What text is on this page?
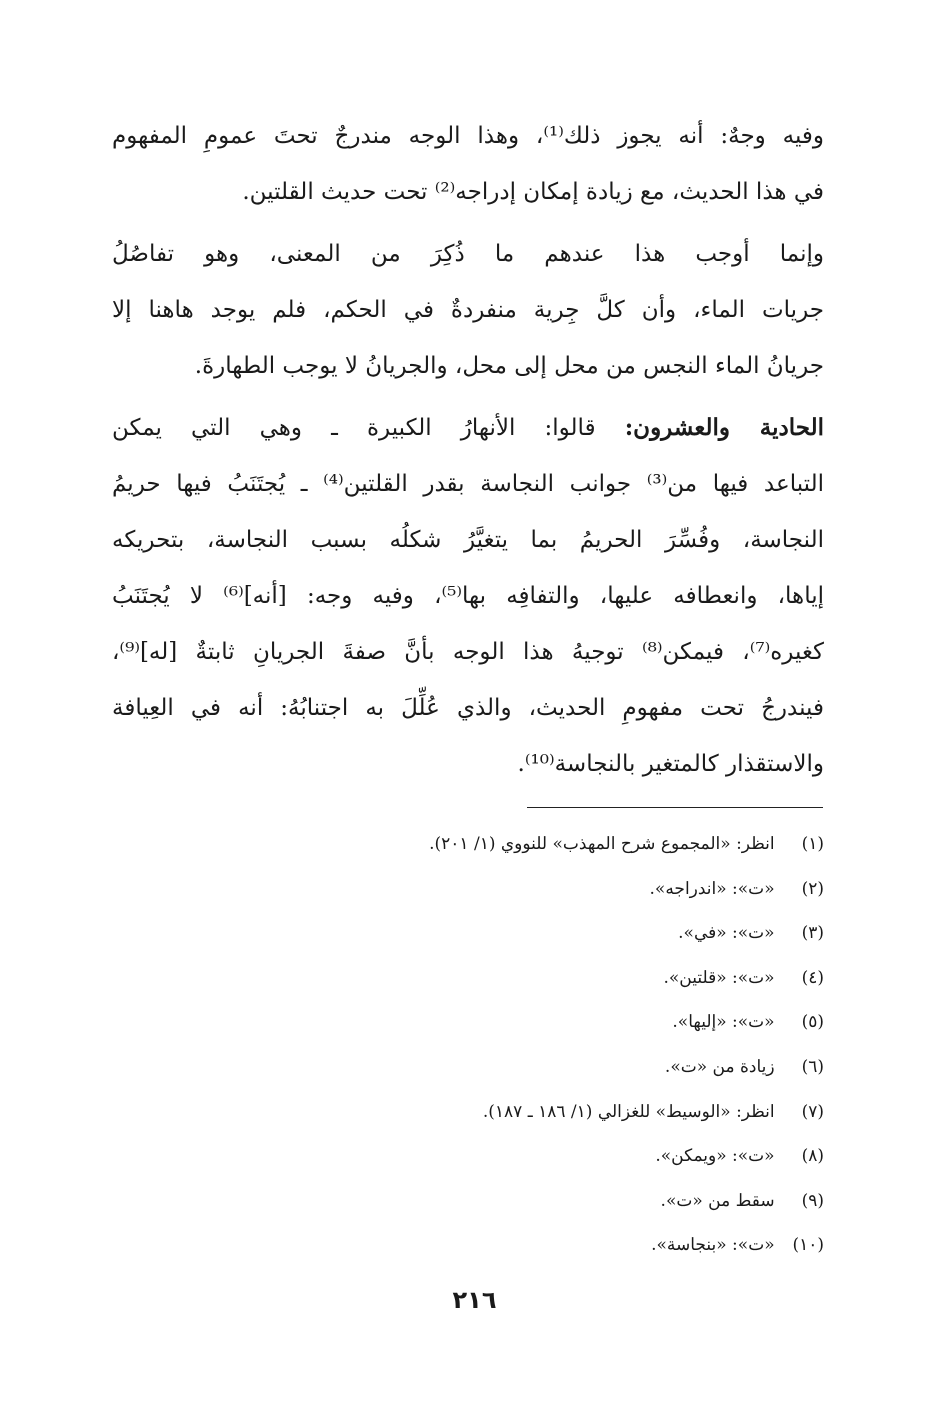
وفيه وجهٌ: أنه يجوز ذلك⁽¹⁾، وهذا الوجه مندرجٌ تحتَ عمومِ المفهوم
في هذا الحديث، مع زيادة إمكان إدراجه⁽²⁾ تحت حديث القلتين.
وإنما أوجب هذا عندهم ما ذُكِرَ من المعنى، وهو تفاصُلُ
جريات الماء، وأن كلَّ جِرية منفردةٌ في الحكم، فلم يوجد هاهنا إلا
جريانُ الماء النجس من محل إلى محل، والجريانُ لا يوجب الطهارةَ.
الحادية والعشرون: قالوا: الأنهارُ الكبيرة ـ وهي التي يمكن
التباعد فيها من⁽³⁾ جوانب النجاسة بقدر القلتين⁽⁴⁾ ـ يُجتَنَبُ فيها حريمُ
النجاسة، وفُسِّرَ الحريمُ بما يتغيَّرُ شكلُه بسبب النجاسة، بتحريكه
إياها، وانعطافه عليها، والتفافِه بها⁽⁵⁾، وفيه وجه: [أنه]⁽⁶⁾ لا يُجتَنَبُ
كغيره⁽⁷⁾، فيمكن⁽⁸⁾ توجيهُ هذا الوجه بأنَّ صفةَ الجريانِ ثابتةٌ [له]⁽⁹⁾،
فيندرجُ تحت مفهومِ الحديث، والذي عُلِّلَ به اجتنابُهُ: أنه في العِيافة
والاستقذار كالمتغير بالنجاسة⁽¹⁰⁾.
(١) انظر: «المجموع شرح المهذب» للنووي (١/ ٢٠١).
(٢) «ت»: «اندراجه».
(٣) «ت»: «في».
(٤) «ت»: «قلتين».
(٥) «ت»: «إليها».
(٦) زيادة من «ت».
(٧) انظر: «الوسيط» للغزالي (١/ ١٨٦ ـ ١٨٧).
(٨) «ت»: «ويمكن».
(٩) سقط من «ت».
(١٠) «ت»: «بنجاسة».
٢١٦
